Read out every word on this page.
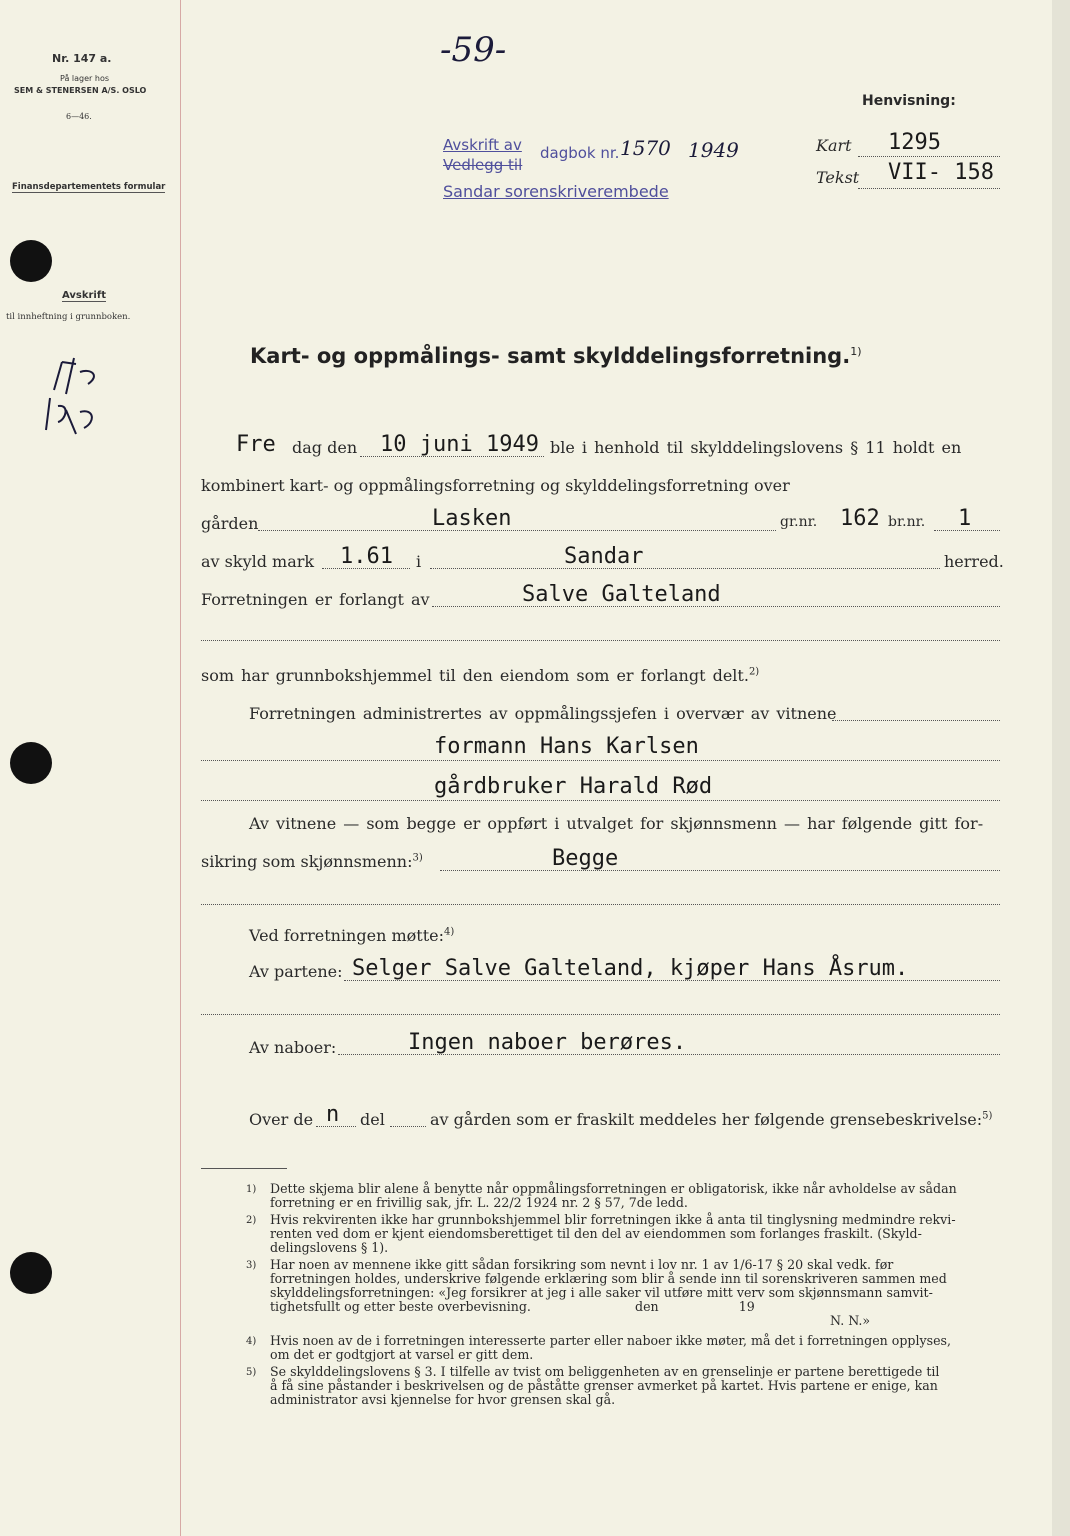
Nr. 147 a.
På lager hos
SEM & STENERSEN A/S. OSLO
6—46.
Finansdepartementets formular
Avskrift
til innheftning i grunnboken.
-59-
Avskrift av
Vedlegg til
dagbok nr. 1570 1949
Sandar sorenskriverembede
Henvisning:
Kart 1295
Tekst VII- 158
Kart- og oppmålings- samt skylddelingsforretning.$^{1)}$
Fre dag den 10 juni 1949 ble i henhold til skylddelingslovens § 11 holdt en
kombinert kart- og oppmålingsforretning og skylddelingsforretning over
gården	Lasken	gr.nr. 162 br.nr. 1
av skyld mark 1.61 i	Sandar	herred.
Forretningen er forlangt av	Salve Galteland
som har grunnbokshjemmel til den eiendom som er forlangt delt.$^{2)}$
Forretningen administrertes av oppmålingssjefen i overvær av vitnene
formann Hans Karlsen
gårdbruker Harald Rød
Av vitnene — som begge er oppført i utvalget for skjønnsmenn — har følgende gitt for-
sikring som skjønnsmenn:$^{3)}$	Begge
Ved forretningen møtte:$^{4)}$
Av partene: Selger Salve Galteland, kjøper Hans Åsrum.
Av naboer:	Ingen naboer berøres.
Over de n del	av gården som er fraskilt meddeles her følgende grensebeskrivelse:$^{5)}$
1) Dette skjema blir alene å benytte når oppmålingsforretningen er obligatorisk, ikke når avholdelse av sådan
forretning er en frivillig sak, jfr. L. 22/2 1924 nr. 2 § 57, 7de ledd.
2) Hvis rekvirenten ikke har grunnbokshjemmel blir forretningen ikke å anta til tinglysning medmindre rekvi-
renten ved dom er kjent eiendomsberettiget til den del av eiendommen som forlanges fraskilt. (Skyld-
delingslovens § 1).
3) Har noen av mennene ikke gitt sådan forsikring som nevnt i lov nr. 1 av 1/6-17 § 20 skal vedk. før
forretningen holdes, underskrive følgende erklæring som blir å sende inn til sorenskriveren sammen med
skylddelingsforretningen: «Jeg forsikrer at jeg i alle saker vil utføre mitt verv som skjønnsmann samvit-
tighetsfullt og etter beste overbevisning.                          den                    19
N. N.»
4) Hvis noen av de i forretningen interesserte parter eller naboer ikke møter, må det i forretningen opplyses,
om det er godtgjort at varsel er gitt dem.
5) Se skylddelingslovens § 3. I tilfelle av tvist om beliggenheten av en grenselinje er partene berettigede til
å få sine påstander i beskrivelsen og de påståtte grenser avmerket på kartet. Hvis partene er enige, kan
administrator avsi kjennelse for hvor grensen skal gå.
